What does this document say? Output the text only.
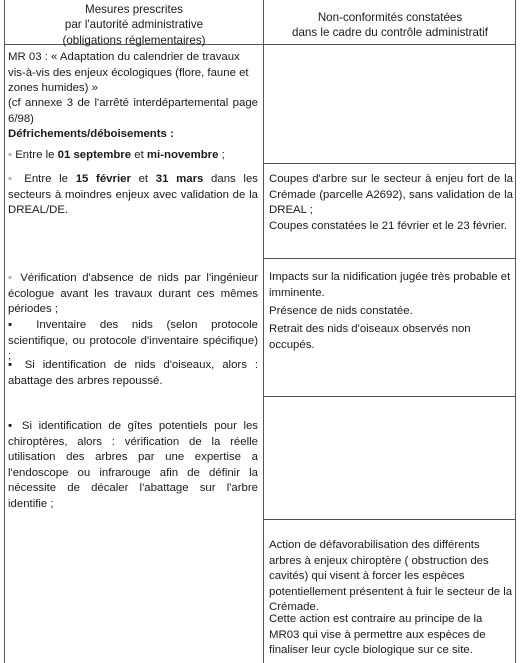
Mesures prescrites

par l'autorité administrative

(obligations réglementaires)

Non-conformités constatées

dans le cadre du contrôle administratif

MR 03 : « Adaptation du calendrier de travaux vis-à-vis des enjeux écologiques (flore, faune et zones humides) »

(cf annexe 3 de l'arrêté interdépartemental page 6/98)

Défrichements/déboisements :

◦ Entre le 01 septembre et mi-novembre ;

◦ Entre le 15 février et 31 mars dans les secteurs à moindres enjeux avec validation de la DREAL/DE.

◦ Vérification d'absence de nids par l'ingénieur écologue avant les travaux durant ces mêmes périodes ;

▪ Inventaire des nids (selon protocole scientifique, ou protocole d'inventaire spécifique) ;

▪ Si identification de nids d'oiseaux, alors : abattage des arbres repoussé.

▪ Si identification de gîtes potentiels pour les chiroptères, alors : vérification de la réelle utilisation des arbres par une expertise a l'endoscope ou infrarouge afin de définir la nécessite de décaler l'abattage sur l'arbre identifie ;

Coupes d'arbre sur le secteur à enjeu fort de la Crémade (parcelle A2692), sans validation de la DREAL ;

Coupes constatées le 21 février et le 23 février.

Impacts sur la nidification jugée très probable et imminente.

Présence de nids constatée.

Retrait des nids d'oiseaux observés non occupés.

Action de défavorabilisation des différents arbres à enjeux chiroptère ( obstruction des cavités) qui visent à forcer les espèces potentiellement présentent à fuir le secteur de la Crémade.

Cette action est contraire au principe de la MR03 qui vise à permettre aux espèces de finaliser leur cycle biologique sur ce site.
